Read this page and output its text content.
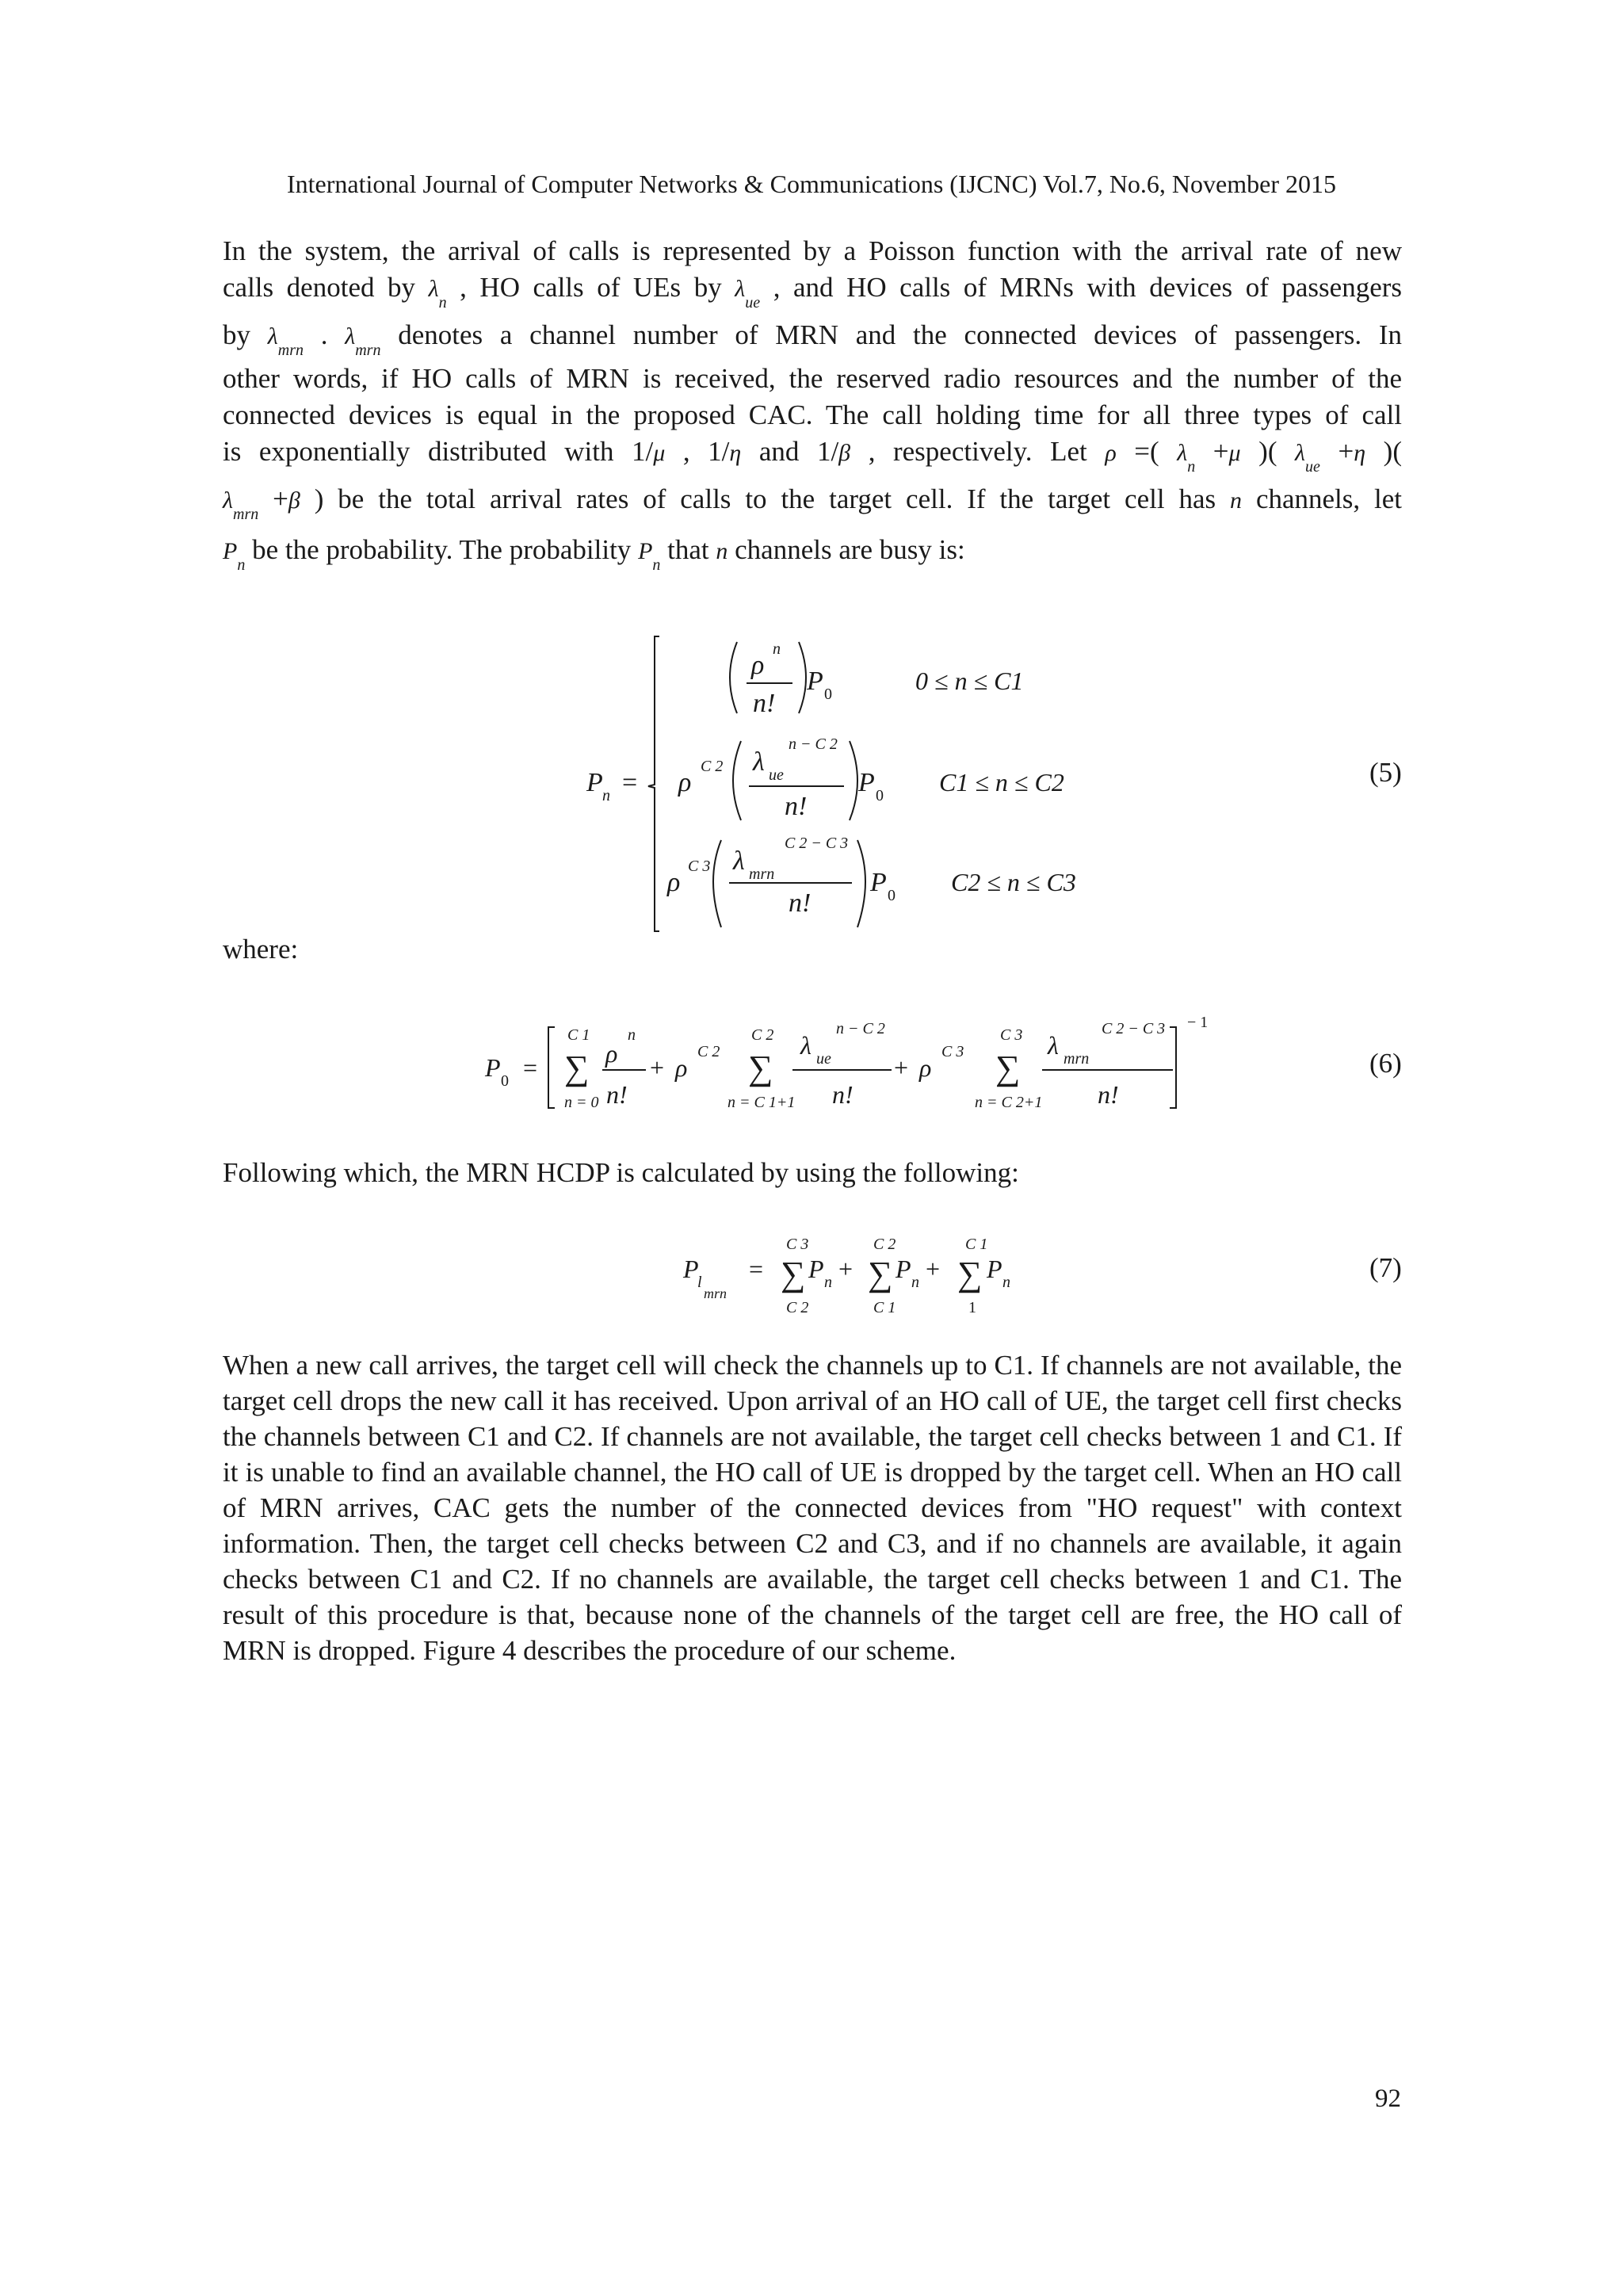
International Journal of Computer Networks & Communications (IJCNC) Vol.7, No.6, November 2015
In the system, the arrival of calls is represented by a Poisson function with the arrival rate of new
calls denoted by $\lambda_n$ , HO calls of UEs by $\lambda_{ue}$ , and HO calls of MRNs with devices of passengers
by $\lambda_{mrn}$ . $\lambda_{mrn}$ denotes a channel number of MRN and the connected devices of passengers. In
other words, if HO calls of MRN is received, the reserved radio resources and the number of the
connected devices is equal in the proposed CAC. The call holding time for all three types of call
is exponentially distributed with 1/μ , 1/η and 1/β , respectively. Let ρ =( $\lambda_n +\mu$ )( $\lambda_{ue} +\eta$ )(
$\lambda_{mrn} +\beta$ ) be the total arrival rates of calls to the target cell. If the target cell has n channels, let
$P_n$ be the probability. The probability $P_n$ that n channels are busy is:
P n =
ρ
n
n!
P 0
ρ
C 2 λ ue
n − C 2
n!
P 0
ρ
C 3 λ mrn
C 2 − C 3
n!
P 0
0 ≤ n ≤ C1
C1 ≤ n ≤ C2
C2 ≤ n ≤ C3
(5)
where:
P 0 =
C 1
∑
n = 0
ρ
n
n!
+ ρ
C 2
C 2
∑
n = C 1+1
λ ue
n − C 2
n!
+ ρ
C 3
C 3
∑
n = C 2+1
λ mrn
C 2 − C 3
n!
− 1
(6)
Following which, the MRN HCDP is calculated by using the following:
P
l
mrn
=
C 3
∑
C 2
P n +
C 2
∑
C 1
P n +
C 1
∑
1
P n	(7)
When a new call arrives, the target cell will check the channels up to C1. If channels are not available, the target cell drops the new call it has received. Upon arrival of an HO call of UE, the target cell first checks the channels between C1 and C2. If channels are not available, the target cell checks between 1 and C1. If it is unable to find an available channel, the HO call of UE is dropped by the target cell. When an HO call of MRN arrives, CAC gets the number of the connected devices from "HO request" with context information. Then, the target cell checks between C2 and C3, and if no channels are available, it again checks between C1 and C2. If no channels are available, the target cell checks between 1 and C1. The result of this procedure is that, because none of the channels of the target cell are free, the HO call of MRN is dropped. Figure 4 describes the procedure of our scheme.
92
